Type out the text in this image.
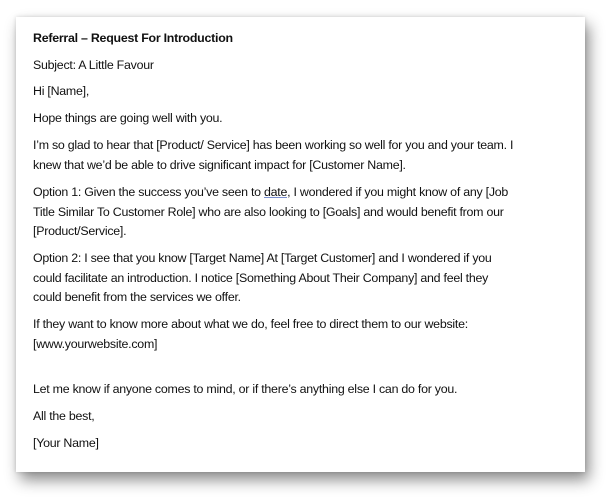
Referral – Request For Introduction
Subject: A Little Favour
Hi [Name],
Hope things are going well with you.
I’m so glad to hear that [Product/ Service] has been working so well for you and your team. I
knew that we’d be able to drive significant impact for [Customer Name].
Option 1: Given the success you’ve seen to date, I wondered if you might know of any [Job
Title Similar To Customer Role] who are also looking to [Goals] and would benefit from our
[Product/Service].
Option 2: I see that you know [Target Name] At [Target Customer] and I wondered if you
could facilitate an introduction. I notice [Something About Their Company] and feel they
could benefit from the services we offer.
If they want to know more about what we do, feel free to direct them to our website:
[www.yourwebsite.com]
Let me know if anyone comes to mind, or if there’s anything else I can do for you.
All the best,
[Your Name]
